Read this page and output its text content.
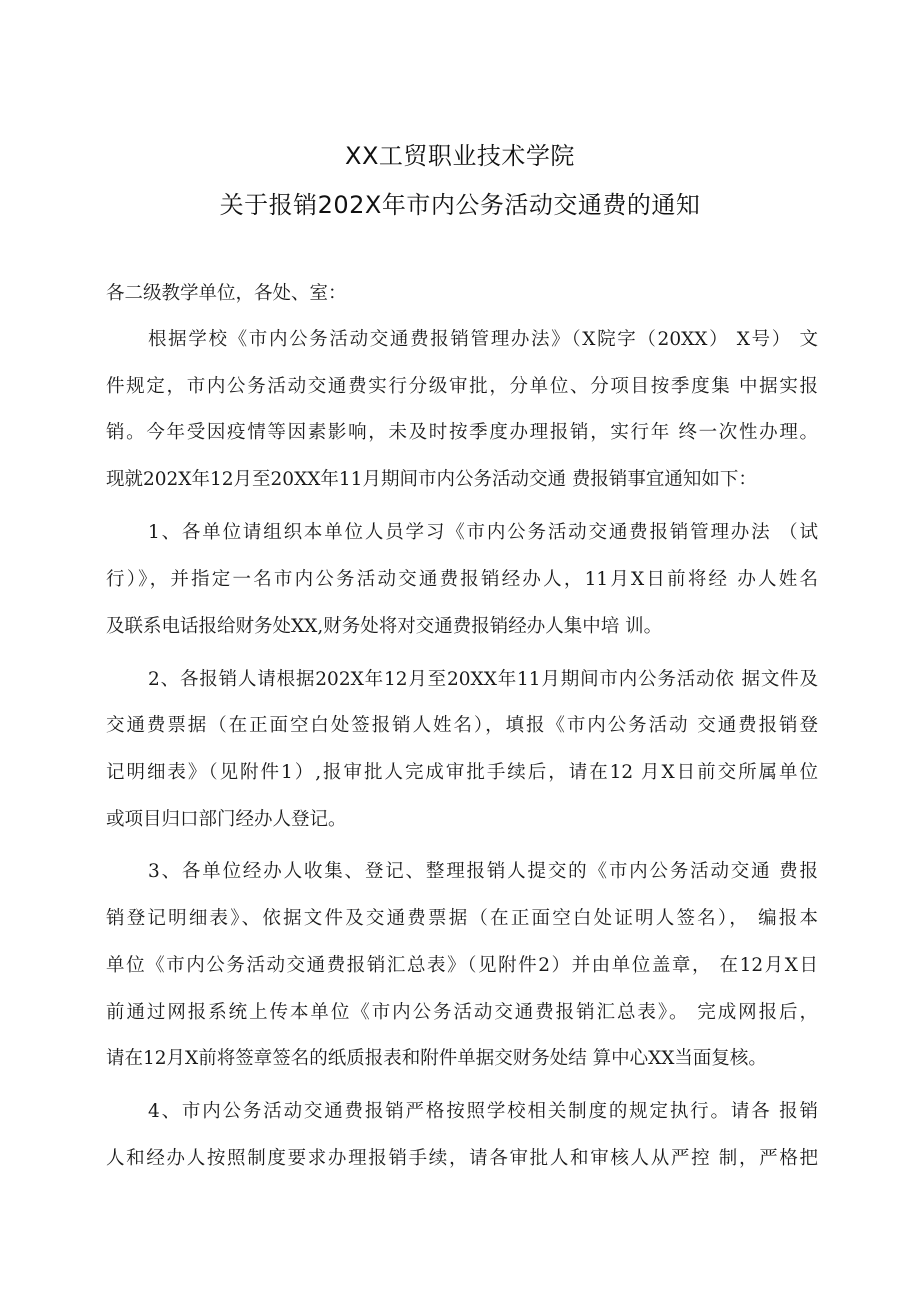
XX工贸职业技术学院
关于报销202X年市内公务活动交通费的通知
各二级教学单位，各处、室：
根据学校《市内公务活动交通费报销管理办法》（X院字（20XX） X号） 文
件规定，市内公务活动交通费实行分级审批，分单位、分项目按季度集 中据实报
销。今年受因疫情等因素影响，未及时按季度办理报销，实行年 终一次性办理。
现就202X年12月至20XX年11月期间市内公务活动交通 费报销事宜通知如下：
1、各单位请组织本单位人员学习《市内公务活动交通费报销管理办法 （试
行）》，并指定一名市内公务活动交通费报销经办人，11月X日前将经 办人姓名
及联系电话报给财务处XX,财务处将对交通费报销经办人集中培 训。
2、各报销人请根据202X年12月至20XX年11月期间市内公务活动依 据文件及
交通费票据（在正面空白处签报销人姓名），填报《市内公务活动 交通费报销登
记明细表》（见附件1）,报审批人完成审批手续后，请在12 月X日前交所属单位
或项目归口部门经办人登记。
3、各单位经办人收集、登记、整理报销人提交的《市内公务活动交通 费报
销登记明细表》、依据文件及交通费票据（在正面空白处证明人签名）， 编报本
单位《市内公务活动交通费报销汇总表》（见附件2）并由单位盖章， 在12月X日
前通过网报系统上传本单位《市内公务活动交通费报销汇总表》。 完成网报后，
请在12月X前将签章签名的纸质报表和附件单据交财务处结 算中心XX当面复核。
4、市内公务活动交通费报销严格按照学校相关制度的规定执行。请各 报销
人和经办人按照制度要求办理报销手续，请各审批人和审核人从严控 制，严格把
